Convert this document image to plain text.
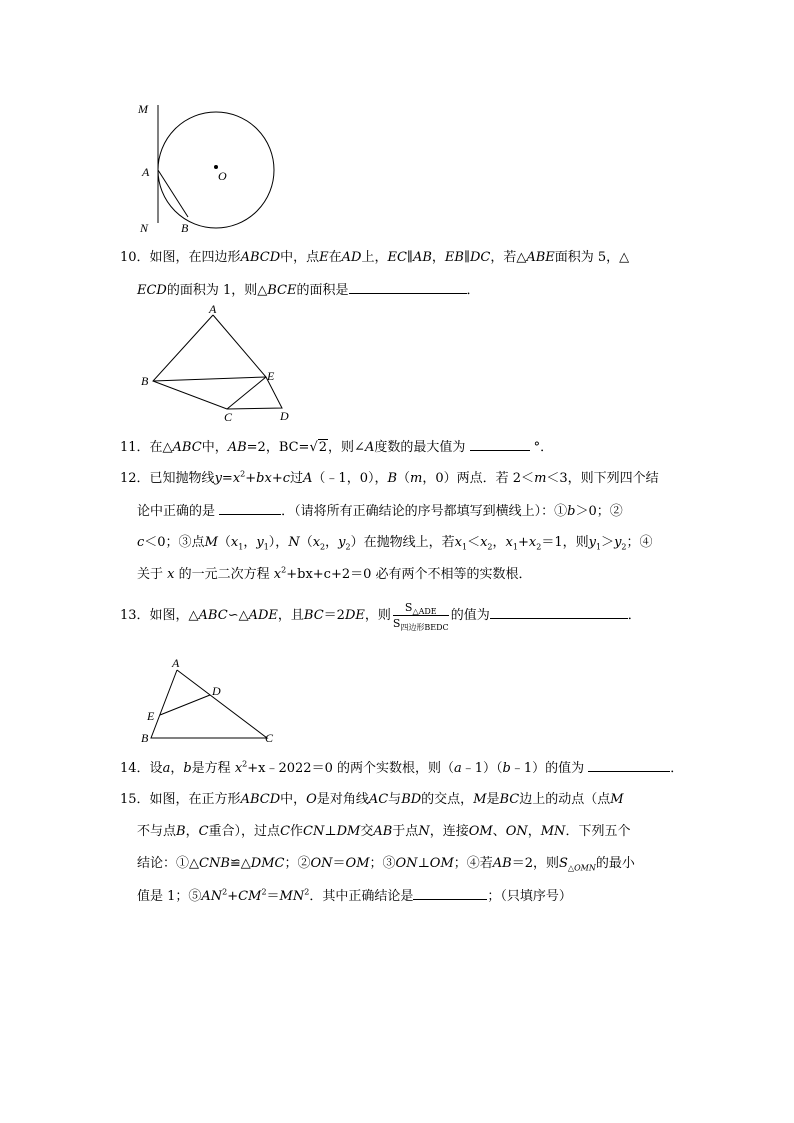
M
A
N	B
O
10．如图，在四边形ABCD中，点E在AD上，EC∥AB，EB∥DC，若△ABE面积为 5，△
ECD的面积为 1，则△BCE的面积是	．
A
B	E
C	D
11．在△ABC中，AB=2，BC=√2，则∠A度数的最大值为	°．
12．已知抛物线$y=x^2+bx+c$过A（﹣1，0），B（m，0）两点．若 2＜m＜3，则下列四个结
论中正确的是	．（请将所有正确结论的序号都填写到横线上）：①b＞0；②
c＜0；③点$M(x_1$，$y_1$），$N(x_2$，$y_2$）在抛物线上，若$x_1<x_2$，$x_1+x_2=1$，则$y_1>y_2$；④
关于 x 的一元二次方程 $x^2+bx+c+2=0$ 必有两个不相等的实数根．
13．如图，△ABC∽△ADE，且BC＝2DE，则 $\frac{S_{\triangle ADE}}{S_{四边形BEDC}}$ 的值为	．
A
D
E
B	C
14．设a，b是方程 $x^2+x﹣2022=0$ 的两个实数根，则（a﹣1）（b﹣1）的值为	．
15．如图，在正方形ABCD中，O是对角线AC与BD的交点，M是BC边上的动点（点M
不与点B，C重合），过点C作CN⊥DM交AB于点N，连接OM、ON，MN．下列五个
结论：①△CNB≌△DMC；②ON＝OM；③ON⊥OM；④若AB＝2，则$S_{\triangle OMN}$的最小
值是 1；$⑤AN^2+CM^2=MN^2$．其中正确结论是	；（只填序号）
